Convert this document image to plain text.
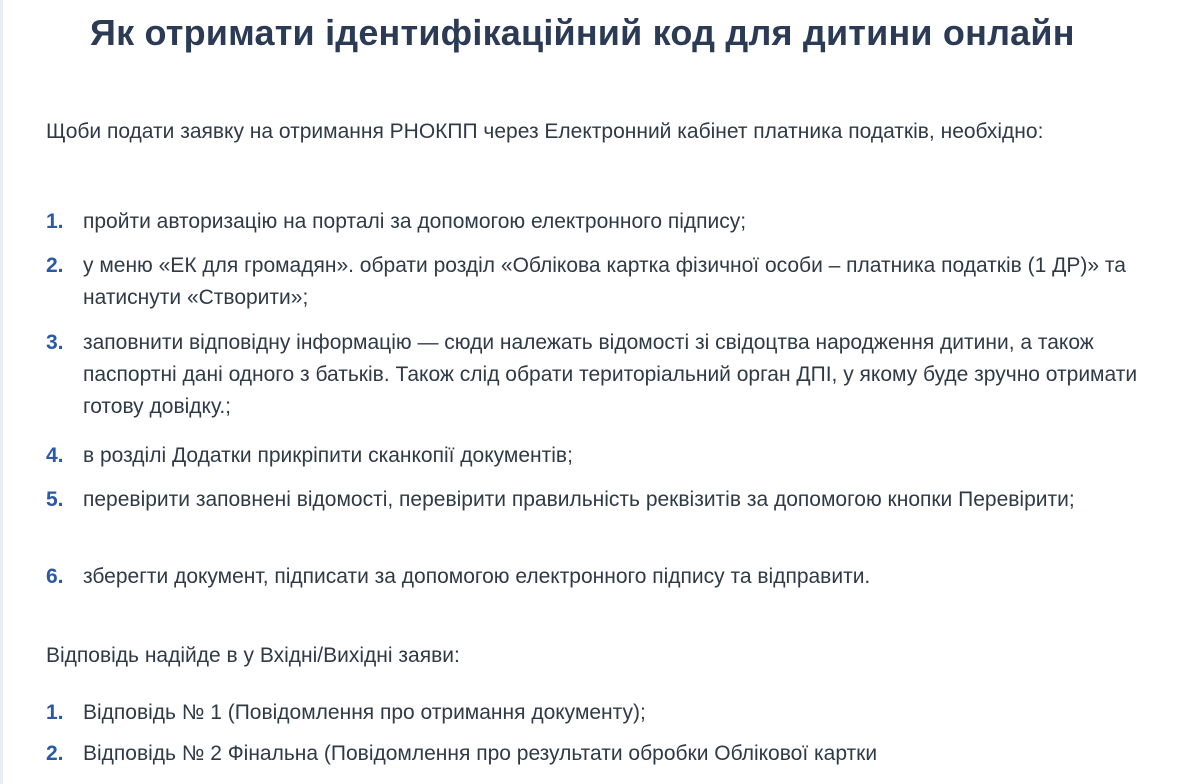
Як отримати ідентифікаційний код для дитини онлайн

Щоби подати заявку на отримання РНОКПП через Електронний кабінет платника податків, необхідно:

1. пройти авторизацію на порталі за допомогою електронного підпису;
2. у меню «ЕК для громадян». обрати розділ «Облікова картка фізичної особи – платника податків (1 ДР)» та натиснути «Створити»;
3. заповнити відповідну інформацію — сюди належать відомості зі свідоцтва народження дитини, а також паспортні дані одного з батьків. Також слід обрати територіальний орган ДПІ, у якому буде зручно отримати готову довідку.;
4. в розділі Додатки прикріпити сканкопії документів;
5. перевірити заповнені відомості, перевірити правильність реквізитів за допомогою кнопки Перевірити;
6. зберегти документ, підписати за допомогою електронного підпису та відправити.

Відповідь надійде в у Вхідні/Вихідні заяви:

1. Відповідь № 1 (Повідомлення про отримання документу);
2. Відповідь № 2 Фінальна (Повідомлення про результати обробки Облікової картки
